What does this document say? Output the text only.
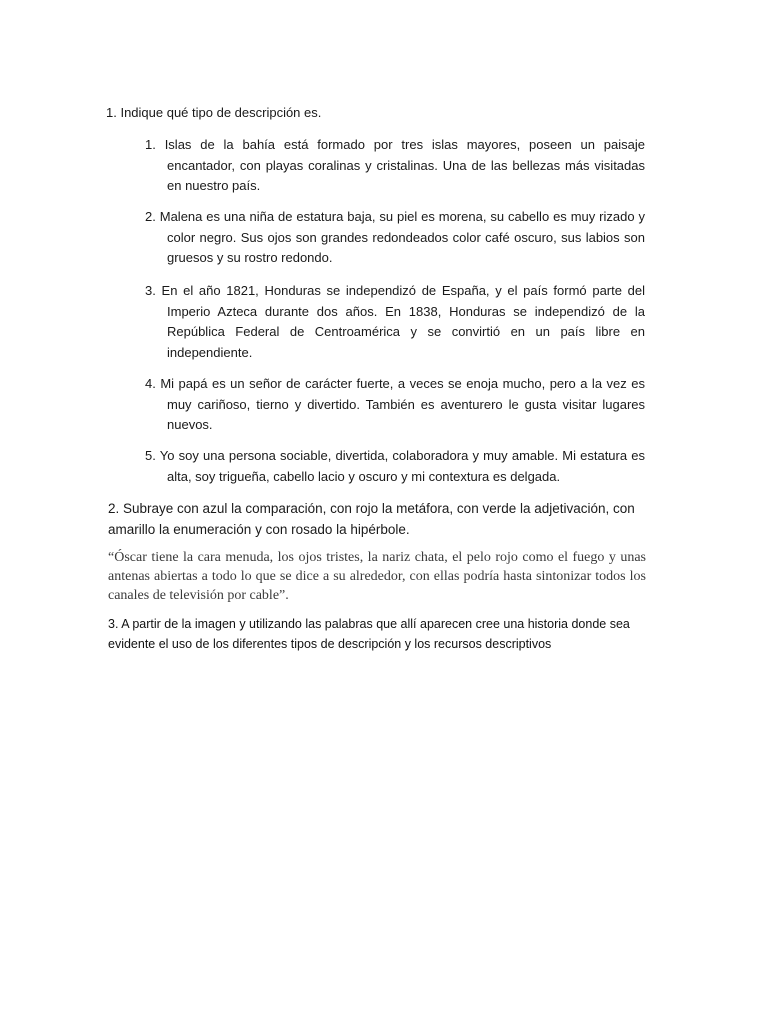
1. Indique qué tipo de descripción es.
1. Islas de la bahía está formado por tres islas mayores, poseen un paisaje encantador, con playas coralinas y cristalinas. Una de las bellezas más visitadas en nuestro país.
2. Malena es una niña de estatura baja, su piel es morena, su cabello es muy rizado y color negro. Sus ojos son grandes redondeados color café oscuro, sus labios son gruesos y su rostro redondo.
3. En el año 1821, Honduras se independizó de España, y el país formó parte del Imperio Azteca durante dos años. En 1838, Honduras se independizó de la República Federal de Centroamérica y se convirtió en un país libre en independiente.
4. Mi papá es un señor de carácter fuerte, a veces se enoja mucho, pero a la vez es muy cariñoso, tierno y divertido. También es aventurero le gusta visitar lugares nuevos.
5. Yo soy una persona sociable, divertida, colaboradora y muy amable. Mi estatura es alta, soy trigueña, cabello lacio y oscuro y mi contextura es delgada.
2. Subraye con azul la comparación, con rojo la metáfora, con verde la adjetivación, con amarillo la enumeración y con rosado la hipérbole.
“Óscar tiene la cara menuda, los ojos tristes, la nariz chata, el pelo rojo como el fuego y unas antenas abiertas a todo lo que se dice a su alrededor, con ellas podría hasta sintonizar todos los canales de televisión por cable”.
3. A partir de la imagen y utilizando las palabras que allí aparecen cree una historia donde sea evidente el uso de los diferentes tipos de descripción y los recursos descriptivos
